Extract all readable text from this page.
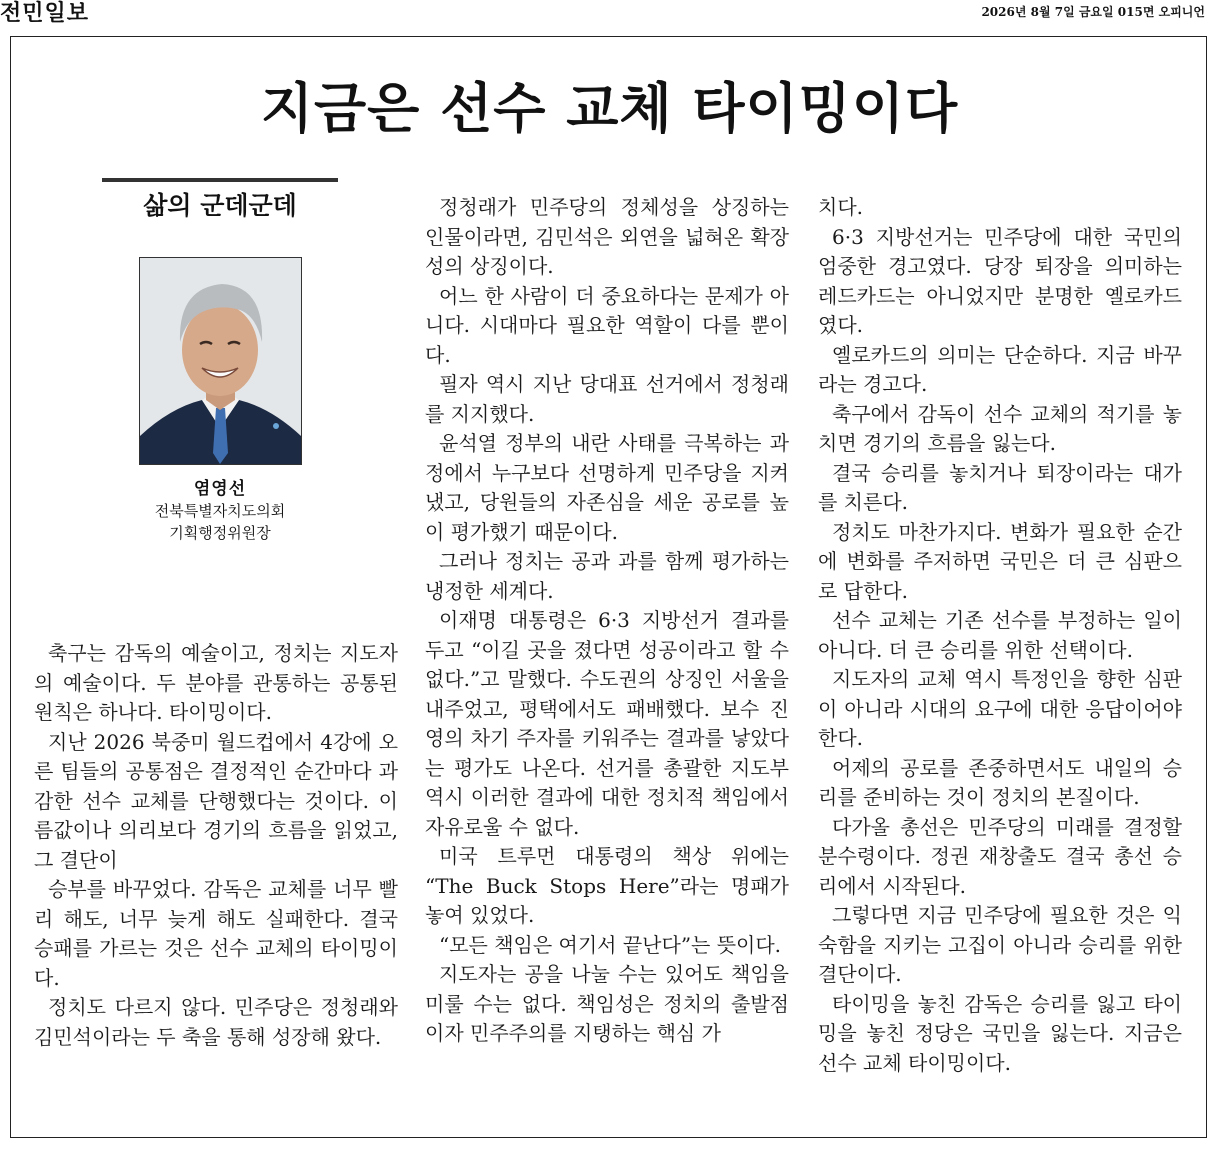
전민일보	2026년 8월 7일 금요일 015면 오피니언
지금은 선수 교체 타이밍이다
삶의 군데군데
염영선
전북특별자치도의회
기획행정위원장

축구는 감독의 예술이고, 정치는 지도자의 예술이다. 두 분야를 관통하는 공통된 원칙은 하나다. 타이밍이다.

지난 2026 북중미 월드컵에서 4강에 오른 팀들의 공통점은 결정적인 순간마다 과감한 선수 교체를 단행했다는 것이다. 이름값이나 의리보다 경기의 흐름을 읽었고, 그 결단이

승부를 바꾸었다. 감독은 교체를 너무 빨리 해도, 너무 늦게 해도 실패한다. 결국 승패를 가르는 것은 선수 교체의 타이밍이다.

정치도 다르지 않다. 민주당은 정청래와 김민석이라는 두 축을 통해 성장해 왔다.

정청래가 민주당의 정체성을 상징하는 인물이라면, 김민석은 외연을 넓혀온 확장성의 상징이다.

어느 한 사람이 더 중요하다는 문제가 아니다. 시대마다 필요한 역할이 다를 뿐이다.

필자 역시 지난 당대표 선거에서 정청래를 지지했다.

윤석열 정부의 내란 사태를 극복하는 과정에서 누구보다 선명하게 민주당을 지켜냈고, 당원들의 자존심을 세운 공로를 높이 평가했기 때문이다.

그러나 정치는 공과 과를 함께 평가하는 냉정한 세계다.

이재명 대통령은 6·3 지방선거 결과를 두고 “이길 곳을 졌다면 성공이라고 할 수 없다.”고 말했다. 수도권의 상징인 서울을 내주었고, 평택에서도 패배했다. 보수 진영의 차기 주자를 키워주는 결과를 낳았다는 평가도 나온다. 선거를 총괄한 지도부 역시 이러한 결과에 대한 정치적 책임에서 자유로울 수 없다.

미국 트루먼 대통령의 책상 위에는 “The Buck Stops Here”라는 명패가 놓여 있었다.

“모든 책임은 여기서 끝난다”는 뜻이다.

지도자는 공을 나눌 수는 있어도 책임을 미룰 수는 없다. 책임성은 정치의 출발점이자 민주주의를 지탱하는 핵심 가

치다.

6·3 지방선거는 민주당에 대한 국민의 엄중한 경고였다. 당장 퇴장을 의미하는 레드카드는 아니었지만 분명한 옐로카드였다.

옐로카드의 의미는 단순하다. 지금 바꾸라는 경고다.

축구에서 감독이 선수 교체의 적기를 놓치면 경기의 흐름을 잃는다.

결국 승리를 놓치거나 퇴장이라는 대가를 치른다.

정치도 마찬가지다. 변화가 필요한 순간에 변화를 주저하면 국민은 더 큰 심판으로 답한다.

선수 교체는 기존 선수를 부정하는 일이 아니다. 더 큰 승리를 위한 선택이다.

지도자의 교체 역시 특정인을 향한 심판이 아니라 시대의 요구에 대한 응답이어야 한다.

어제의 공로를 존중하면서도 내일의 승리를 준비하는 것이 정치의 본질이다.

다가올 총선은 민주당의 미래를 결정할 분수령이다. 정권 재창출도 결국 총선 승리에서 시작된다.

그렇다면 지금 민주당에 필요한 것은 익숙함을 지키는 고집이 아니라 승리를 위한 결단이다.

타이밍을 놓친 감독은 승리를 잃고 타이밍을 놓친 정당은 국민을 잃는다. 지금은 선수 교체 타이밍이다.
